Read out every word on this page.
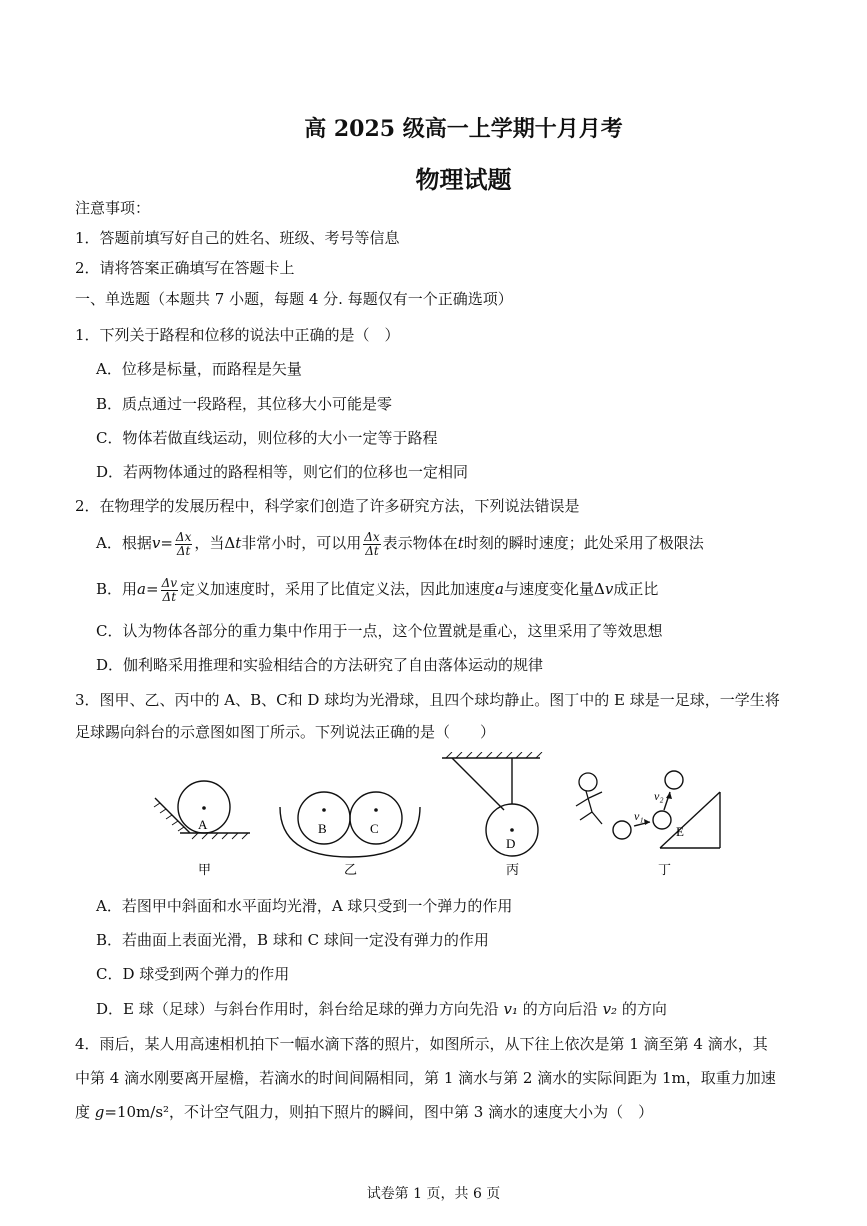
高 2025 级高一上学期十月月考
物理试题
注意事项：
1．答题前填写好自己的姓名、班级、考号等信息
2．请将答案正确填写在答题卡上
一、单选题（本题共 7 小题，每题 4 分. 每题仅有一个正确选项）
1．下列关于路程和位移的说法中正确的是（　）
A．位移是标量，而路程是矢量
B．质点通过一段路程，其位移大小可能是零
C．物体若做直线运动，则位移的大小一定等于路程
D．若两物体通过的路程相等，则它们的位移也一定相同
2．在物理学的发展历程中，科学家们创造了许多研究方法，下列说法错误是
A．根据$v= \frac{\Delta x}{\Delta t}$ ，当Δt非常小时，可以用 $\frac{\Delta x}{\Delta t}$ 表示物体在t时刻的瞬时速度；此处采用了极限法
B．用$a= \frac{\Delta v}{\Delta t}$ 定义加速度时，采用了比值定义法，因此加速度a与速度变化量Δv成正比
C．认为物体各部分的重力集中作用于一点，这个位置就是重心，这里采用了等效思想
D．伽利略采用推理和实验相结合的方法研究了自由落体运动的规律
3．图甲、乙、丙中的 A、B、C和 D 球均为光滑球，且四个球均静止。图丁中的 E 球是一足球，一学生将
足球踢向斜台的示意图如图丁所示。下列说法正确的是（　　）
A	B	C
D
v₁
v₂
E
甲	乙	丙	丁
A．若图甲中斜面和水平面均光滑，A 球只受到一个弹力的作用
B．若曲面上表面光滑，B 球和 C 球间一定没有弹力的作用
C．D 球受到两个弹力的作用
D．E 球（足球）与斜台作用时，斜台给足球的弹力方向先沿 v₁ 的方向后沿 v₂ 的方向
4．雨后，某人用高速相机拍下一幅水滴下落的照片，如图所示，从下往上依次是第 1 滴至第 4 滴水，其
中第 4 滴水刚要离开屋檐，若滴水的时间间隔相同，第 1 滴水与第 2 滴水的实际间距为 1m，取重力加速
度 g=10m/s²，不计空气阻力，则拍下照片的瞬间，图中第 3 滴水的速度大小为（　）
试卷第 1 页，共 6 页
